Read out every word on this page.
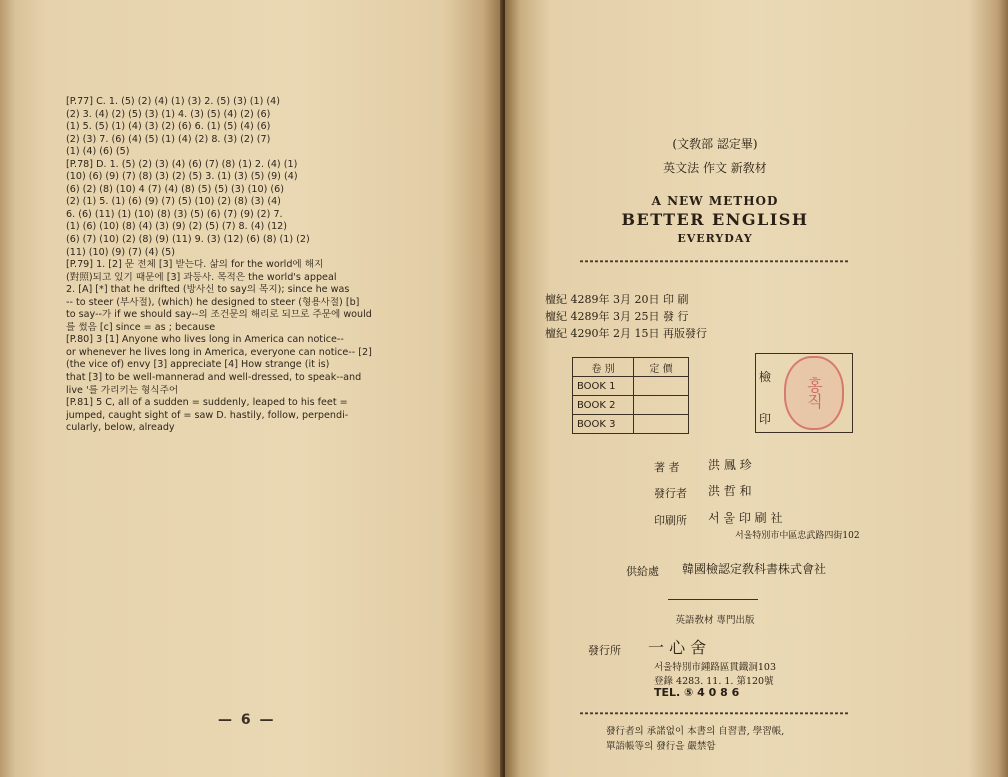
[P.77] C. 1. (5) (2) (4) (1) (3) 2. (5) (3) (1) (4)
(2) 3. (4) (2) (5) (3) (1) 4. (3) (5) (4) (2) (6)
(1) 5. (5) (1) (4) (3) (2) (6) 6. (1) (5) (4) (6)
(2) (3) 7. (6) (4) (5) (1) (4) (2) 8. (3) (2) (7)
(1) (4) (6) (5)
[P.78] D. 1. (5) (2) (3) (4) (6) (7) (8) (1) 2. (4) (1)
(10) (6) (9) (7) (8) (3) (2) (5) 3. (1) (3) (5) (9) (4)
(6) (2) (8) (10) 4 (7) (4) (8) (5) (5) (3) (10) (6)
(2) (1) 5. (1) (6) (9) (7) (5) (10) (2) (8) (3) (4)
6. (6) (11) (1) (10) (8) (3) (5) (6) (7) (9) (2) 7.
(1) (6) (10) (8) (4) (3) (9) (2) (5) (7) 8. (4) (12)
(6) (7) (10) (2) (8) (9) (11) 9. (3) (12) (6) (8) (1) (2)
(11) (10) (9) (7) (4) (5)
[P.79] 1. [2] 문 전체 [3] 받는다. 삶의 for the world에 해지
(對照)되고 있기 때문에 [3] 과등사. 목적은 the world's appeal
2. [A] [*] that he drifted (방사신 to say의 목지); since he was
-- to steer (부사절), (which) he designed to steer (형용사절) [b]
to say--가 if we should say--의 조건문의 해리로 되므로 주문에 would
를 썼음 [c] since = as ; because
[P.80] 3 [1] Anyone who lives long in America can notice--
or whenever he lives long in America, everyone can notice-- [2]
(the vice of) envy [3] appreciate [4] How strange (it is)
that [3] to be well-mannerad and well-dressed, to speak--and
live '를 가리키는 형식주어
[P.81] 5 C, all of a sudden = suddenly, leaped to his feet =
jumped, caught sight of = saw D. hastily, follow, perpendi-
cularly, below, already
— 6 —
(文敎部 認定畢)
英文法 作文 新敎材
A NEW METHOD
BETTER ENGLISH
EVERYDAY
檀紀 4289年 3月 20日 印 刷
檀紀 4289年 3月 25日 發 行
檀紀 4290年 2月 15日 再版發行
卷 別	定 價
BOOK 1	
BOOK 2	
BOOK 3	
檢
印
홍직
著 者 洪 鳳 珍
發行者 洪 哲 和
印刷所 서 울 印 刷 社
서울特別市中區忠武路四街102
供給處 韓國檢認定敎科書株式會社
英語敎材 專門出版
發行所 一 心 舍
서울特別市鍾路區貫鐵洞103
登錄 4283. 11. 1. 第120號
TEL. ⑤ 4 0 8 6
發行者의 承諾없이 本書의 自習書, 學習帳,
單語帳等의 發行을 嚴禁함
